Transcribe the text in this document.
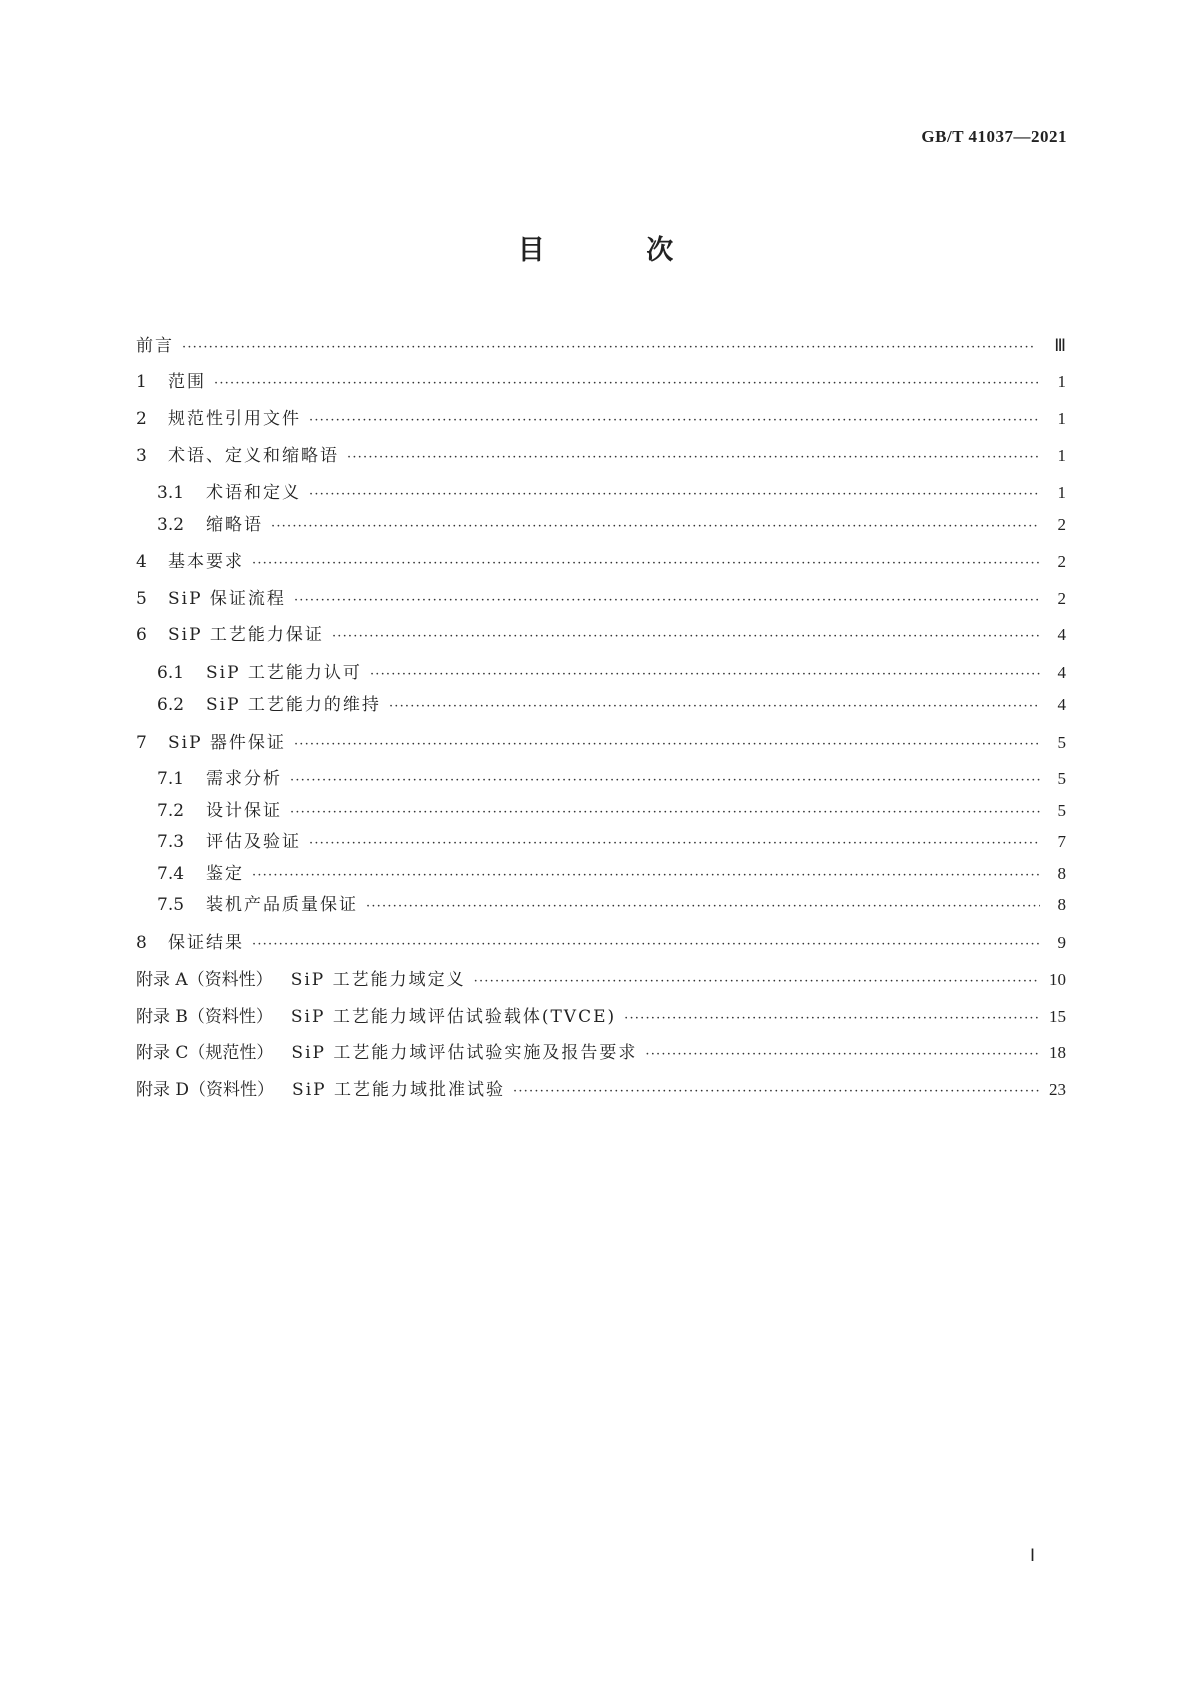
GB/T 41037—2021
目 次
前言 ·····	Ⅲ
1	范围 ·····	1
2	规范性引用文件 ·····	1
3	术语、定义和缩略语 ·····	1
3.1	术语和定义 ·····	1
3.2	缩略语 ·····	2
4	基本要求 ·····	2
5	SiP 保证流程 ·····	2
6	SiP 工艺能力保证 ·····	4
6.1	SiP 工艺能力认可 ·····	4
6.2	SiP 工艺能力的维持 ·····	4
7	SiP 器件保证 ·····	5
7.1	需求分析 ·····	5
7.2	设计保证 ·····	5
7.3	评估及验证 ·····	7
7.4	鉴定 ·····	8
7.5	装机产品质量保证 ·····	8
8	保证结果 ·····	9
附录 A（资料性） SiP 工艺能力域定义 ·····	10
附录 B（资料性） SiP 工艺能力域评估试验载体(TVCE) ·····	15
附录 C（规范性） SiP 工艺能力域评估试验实施及报告要求 ·····	18
附录 D（资料性） SiP 工艺能力域批准试验 ·····	23
Ⅰ
